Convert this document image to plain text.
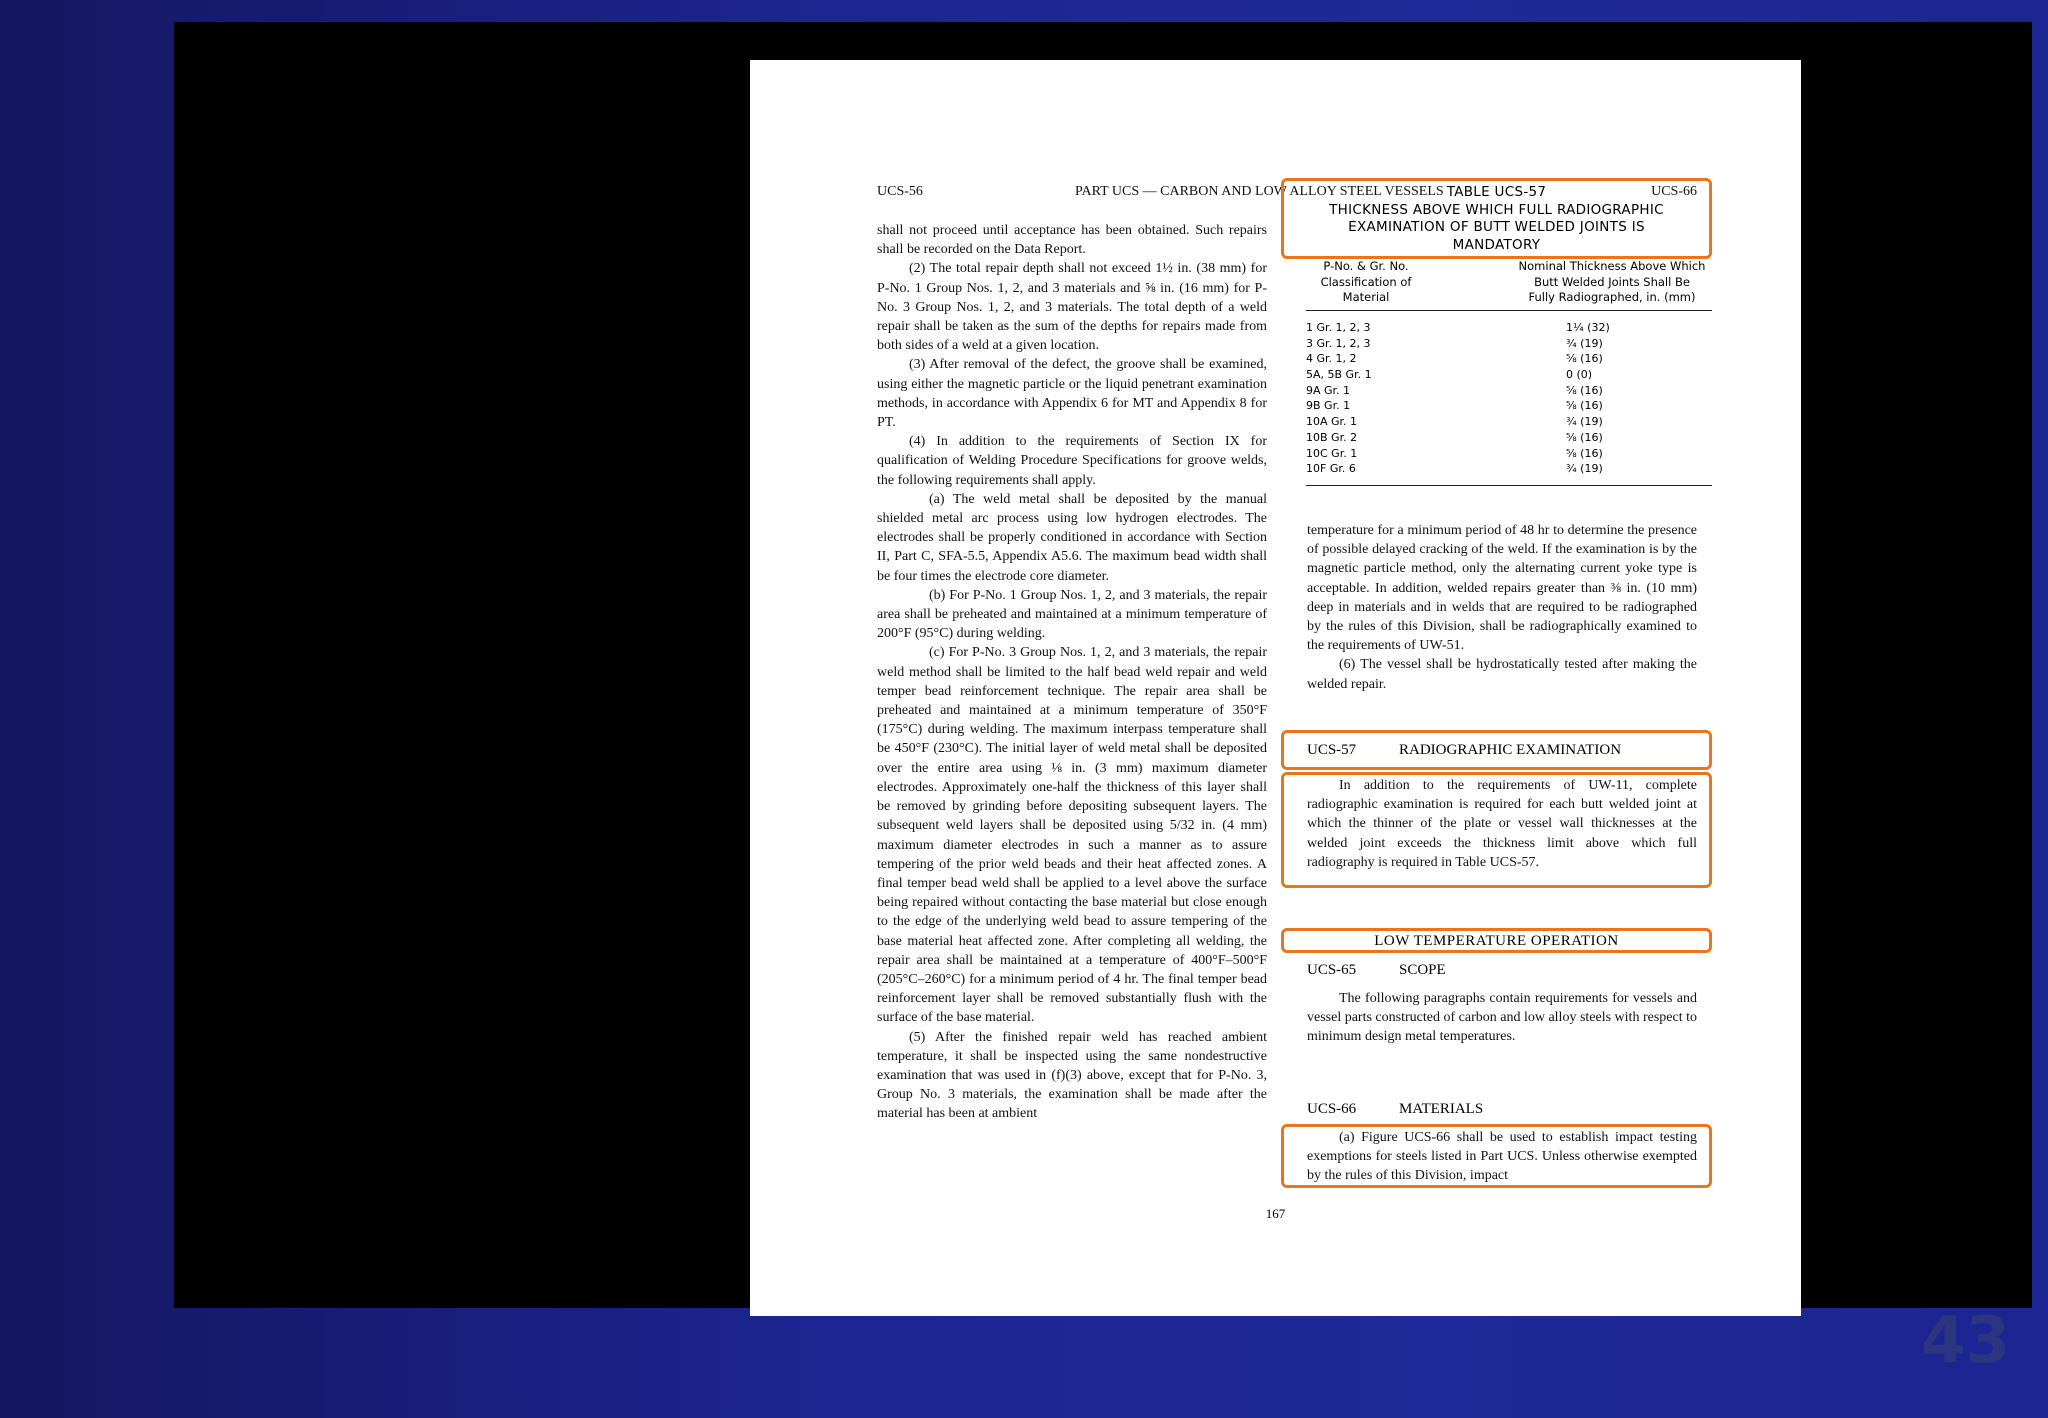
UCS-56	PART UCS — CARBON AND LOW ALLOY STEEL VESSELS	UCS-66

shall not proceed until acceptance has been obtained. Such repairs shall be recorded on the Data Report.

(2) The total repair depth shall not exceed 1½ in. (38 mm) for P-No. 1 Group Nos. 1, 2, and 3 materials and ⅝ in. (16 mm) for P-No. 3 Group Nos. 1, 2, and 3 materials. The total depth of a weld repair shall be taken as the sum of the depths for repairs made from both sides of a weld at a given location.

(3) After removal of the defect, the groove shall be examined, using either the magnetic particle or the liquid penetrant examination methods, in accordance with Appendix 6 for MT and Appendix 8 for PT.

(4) In addition to the requirements of Section IX for qualification of Welding Procedure Specifications for groove welds, the following requirements shall apply.

(a) The weld metal shall be deposited by the manual shielded metal arc process using low hydrogen electrodes. The electrodes shall be properly conditioned in accordance with Section II, Part C, SFA-5.5, Appendix A5.6. The maximum bead width shall be four times the electrode core diameter.

(b) For P-No. 1 Group Nos. 1, 2, and 3 materials, the repair area shall be preheated and maintained at a minimum temperature of 200°F (95°C) during welding.

(c) For P-No. 3 Group Nos. 1, 2, and 3 materials, the repair weld method shall be limited to the half bead weld repair and weld temper bead reinforcement technique. The repair area shall be preheated and maintained at a minimum temperature of 350°F (175°C) during welding. The maximum interpass temperature shall be 450°F (230°C). The initial layer of weld metal shall be deposited over the entire area using ⅛ in. (3 mm) maximum diameter electrodes. Approximately one-half the thickness of this layer shall be removed by grinding before depositing subsequent layers. The subsequent weld layers shall be deposited using 5/32 in. (4 mm) maximum diameter electrodes in such a manner as to assure tempering of the prior weld beads and their heat affected zones. A final temper bead weld shall be applied to a level above the surface being repaired without contacting the base material but close enough to the edge of the underlying weld bead to assure tempering of the base material heat affected zone. After completing all welding, the repair area shall be maintained at a temperature of 400°F–500°F (205°C–260°C) for a minimum period of 4 hr. The final temper bead reinforcement layer shall be removed substantially flush with the surface of the base material.

(5) After the finished repair weld has reached ambient temperature, it shall be inspected using the same nondestructive examination that was used in (f)(3) above, except that for P-No. 3, Group No. 3 materials, the examination shall be made after the material has been at ambient

TABLE UCS-57
THICKNESS ABOVE WHICH FULL RADIOGRAPHIC
EXAMINATION OF BUTT WELDED JOINTS IS
MANDATORY
P-No. & Gr. No.
Classification of
Material
Nominal Thickness Above Which
Butt Welded Joints Shall Be
Fully Radiographed, in. (mm)
1 Gr. 1, 2, 3	1¼ (32)
3 Gr. 1, 2, 3	¾ (19)
4 Gr. 1, 2	⅝ (16)
5A, 5B Gr. 1	0 (0)
9A Gr. 1	⅝ (16)
9B Gr. 1	⅝ (16)
10A Gr. 1	¾ (19)
10B Gr. 2	⅝ (16)
10C Gr. 1	⅝ (16)
10F Gr. 6	¾ (19)

temperature for a minimum period of 48 hr to determine the presence of possible delayed cracking of the weld. If the examination is by the magnetic particle method, only the alternating current yoke type is acceptable. In addition, welded repairs greater than ⅜ in. (10 mm) deep in materials and in welds that are required to be radiographed by the rules of this Division, shall be radiographically examined to the requirements of UW-51.

(6) The vessel shall be hydrostatically tested after making the welded repair.

UCS-57	RADIOGRAPHIC EXAMINATION

In addition to the requirements of UW-11, complete radiographic examination is required for each butt welded joint at which the thinner of the plate or vessel wall thicknesses at the welded joint exceeds the thickness limit above which full radiography is required in Table UCS-57.

LOW TEMPERATURE OPERATION
UCS-65	SCOPE

The following paragraphs contain requirements for vessels and vessel parts constructed of carbon and low alloy steels with respect to minimum design metal temperatures.

UCS-66	MATERIALS

(a) Figure UCS-66 shall be used to establish impact testing exemptions for steels listed in Part UCS. Unless otherwise exempted by the rules of this Division, impact

167
43
